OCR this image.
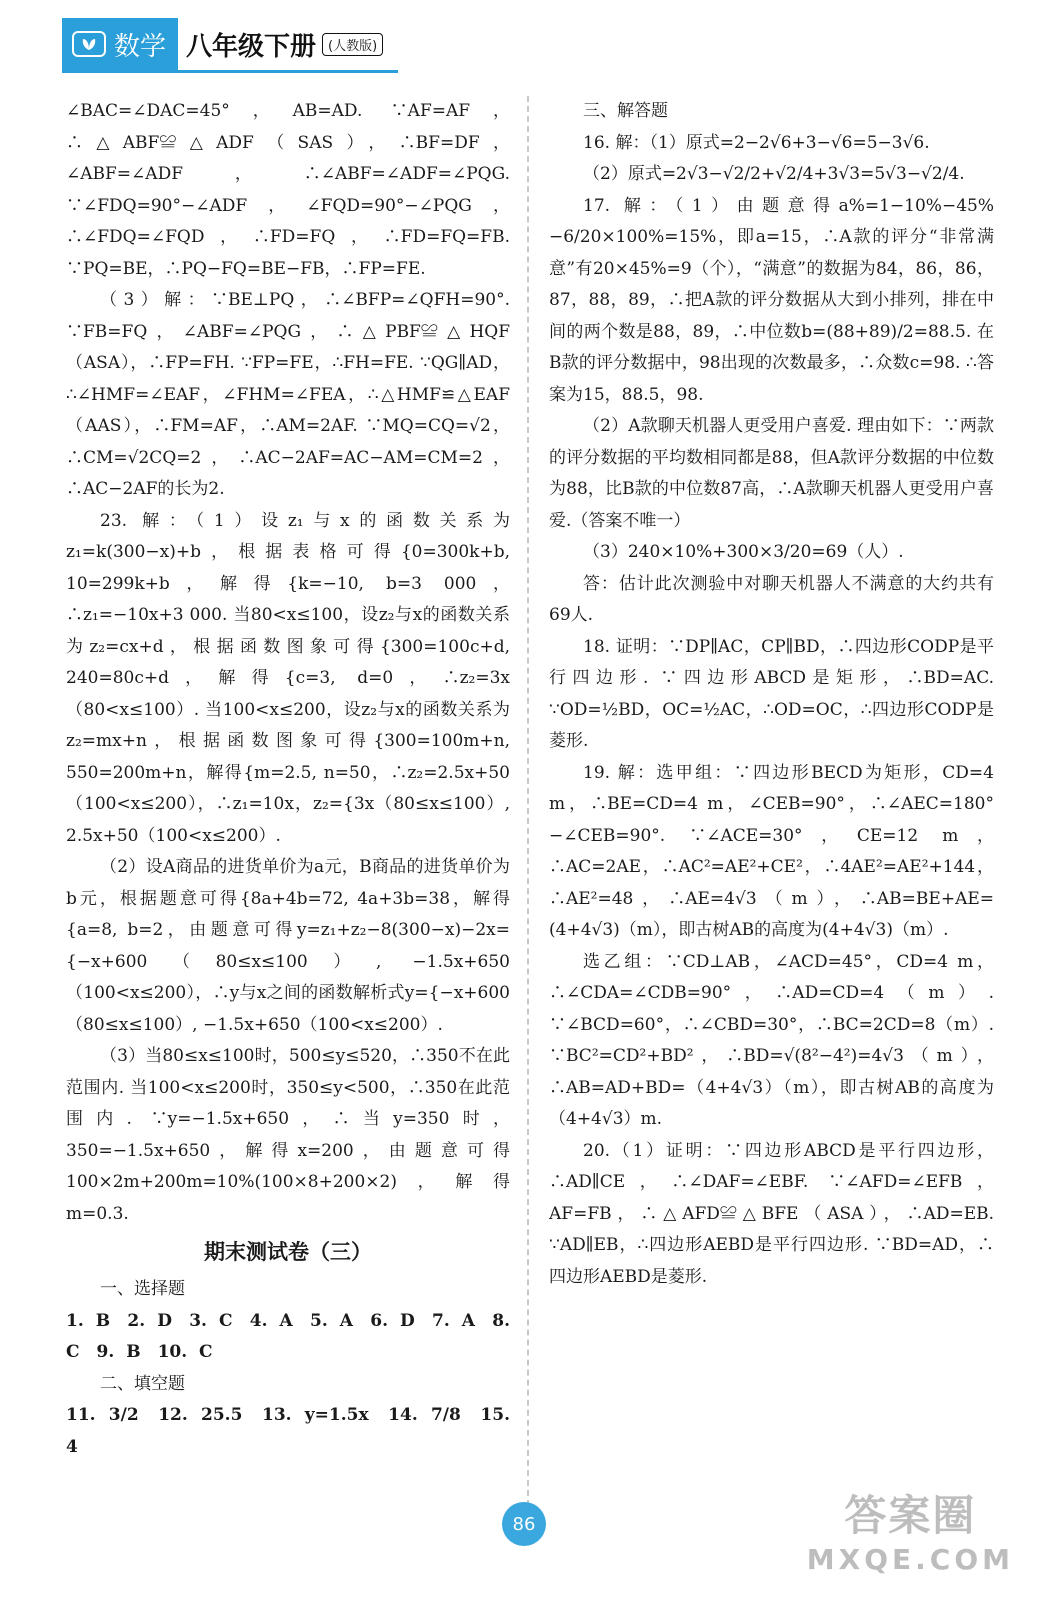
数学 八年级下册 (人教版)

∠BAC=∠DAC=45°，AB=AD. ∵AF=AF，∴△ABF≌△ADF（SAS），∴BF=DF，∠ABF=∠ADF，∴∠ABF=∠ADF=∠PQG. ∵∠FDQ=90°−∠ADF，∠FQD=90°−∠PQG，∴∠FDQ=∠FQD，∴FD=FQ，∴FD=FQ=FB. ∵PQ=BE，∴PQ−FQ=BE−FB，∴FP=FE.

（3）解：∵BE⊥PQ，∴∠BFP=∠QFH=90°. ∵FB=FQ，∠ABF=∠PQG，∴△PBF≌△HQF（ASA），∴FP=FH. ∵FP=FE，∴FH=FE. ∵QG∥AD，∴∠HMF=∠EAF，∠FHM=∠FEA，∴△HMF≌△EAF（AAS），∴FM=AF，∴AM=2AF. ∵MQ=CQ=√2，∴CM=√2CQ=2，∴AC−2AF=AC−AM=CM=2，∴AC−2AF的长为2.

23. 解：（1）设z₁与x的函数关系为z₁=k(300−x)+b，根据表格可得{0=300k+b, 10=299k+b，解得{k=−10, b=3 000，∴z₁=−10x+3 000. 当80<x≤100，设z₂与x的函数关系为z₂=cx+d，根据函数图象可得{300=100c+d, 240=80c+d，解得{c=3, d=0，∴z₂=3x（80<x≤100）. 当100<x≤200，设z₂与x的函数关系为z₂=mx+n，根据函数图象可得{300=100m+n, 550=200m+n，解得{m=2.5, n=50，∴z₂=2.5x+50（100<x≤200），∴z₁=10x，z₂={3x（80≤x≤100）, 2.5x+50（100<x≤200）.

（2）设A商品的进货单价为a元，B商品的进货单价为b元，根据题意可得{8a+4b=72, 4a+3b=38，解得{a=8, b=2，由题意可得y=z₁+z₂−8(300−x)−2x={−x+600（80≤x≤100）, −1.5x+650（100<x≤200），∴y与x之间的函数解析式y={−x+600（80≤x≤100）, −1.5x+650（100<x≤200）.

（3）当80≤x≤100时，500≤y≤520，∴350不在此范围内. 当100<x≤200时，350≤y<500，∴350在此范围内. ∵y=−1.5x+650，∴当y=350时，350=−1.5x+650，解得x=200，由题意可得100×2m+200m=10%(100×8+200×2)，解得m=0.3.

期末测试卷（三）

一、选择题

1. B　2. D　3. C　4. A　5. A　6. D　7. A　8. C　9. B　10. C

二、填空题

11. 3/2　12. 25.5　13. y=1.5x　14. 7/8　15. 4

三、解答题

16. 解：（1）原式=2−2√6+3−√6=5−3√6.

（2）原式=2√3−√2/2+√2/4+3√3=5√3−√2/4.

17. 解：（1）由题意得a%=1−10%−45%−6/20×100%=15%，即a=15，∴A款的评分“非常满意”有20×45%=9（个），“满意”的数据为84，86，86，87，88，89，∴把A款的评分数据从大到小排列，排在中间的两个数是88，89，∴中位数b=(88+89)/2=88.5. 在B款的评分数据中，98出现的次数最多，∴众数c=98. ∴答案为15，88.5，98.

（2）A款聊天机器人更受用户喜爱. 理由如下：∵两款的评分数据的平均数相同都是88，但A款评分数据的中位数为88，比B款的中位数87高，∴A款聊天机器人更受用户喜爱.（答案不唯一）

（3）240×10%+300×3/20=69（人）.

答：估计此次测验中对聊天机器人不满意的大约共有69人.

18. 证明：∵DP∥AC，CP∥BD，∴四边形CODP是平行四边形. ∵四边形ABCD是矩形，∴BD=AC. ∵OD=½BD，OC=½AC，∴OD=OC，∴四边形CODP是菱形.

19. 解：选甲组：∵四边形BECD为矩形，CD=4 m，∴BE=CD=4 m，∠CEB=90°，∴∠AEC=180°−∠CEB=90°. ∵∠ACE=30°，CE=12 m，∴AC=2AE，∴AC²=AE²+CE²，∴4AE²=AE²+144，∴AE²=48，∴AE=4√3（m），∴AB=BE+AE=(4+4√3)（m），即古树AB的高度为(4+4√3)（m）.

选乙组：∵CD⊥AB，∠ACD=45°，CD=4 m，∴∠CDA=∠CDB=90°，∴AD=CD=4（m）. ∵∠BCD=60°，∴∠CBD=30°，∴BC=2CD=8（m）. ∵BC²=CD²+BD²，∴BD=√(8²−4²)=4√3（m），∴AB=AD+BD=（4+4√3）（m），即古树AB的高度为（4+4√3）m.

20.（1）证明：∵四边形ABCD是平行四边形，∴AD∥CE，∴∠DAF=∠EBF. ∵∠AFD=∠EFB，AF=FB，∴△AFD≌△BFE（ASA），∴AD=EB. ∵AD∥EB，∴四边形AEBD是平行四边形. ∵BD=AD，∴四边形AEBD是菱形.

86	答案圈
MXQE.COM
